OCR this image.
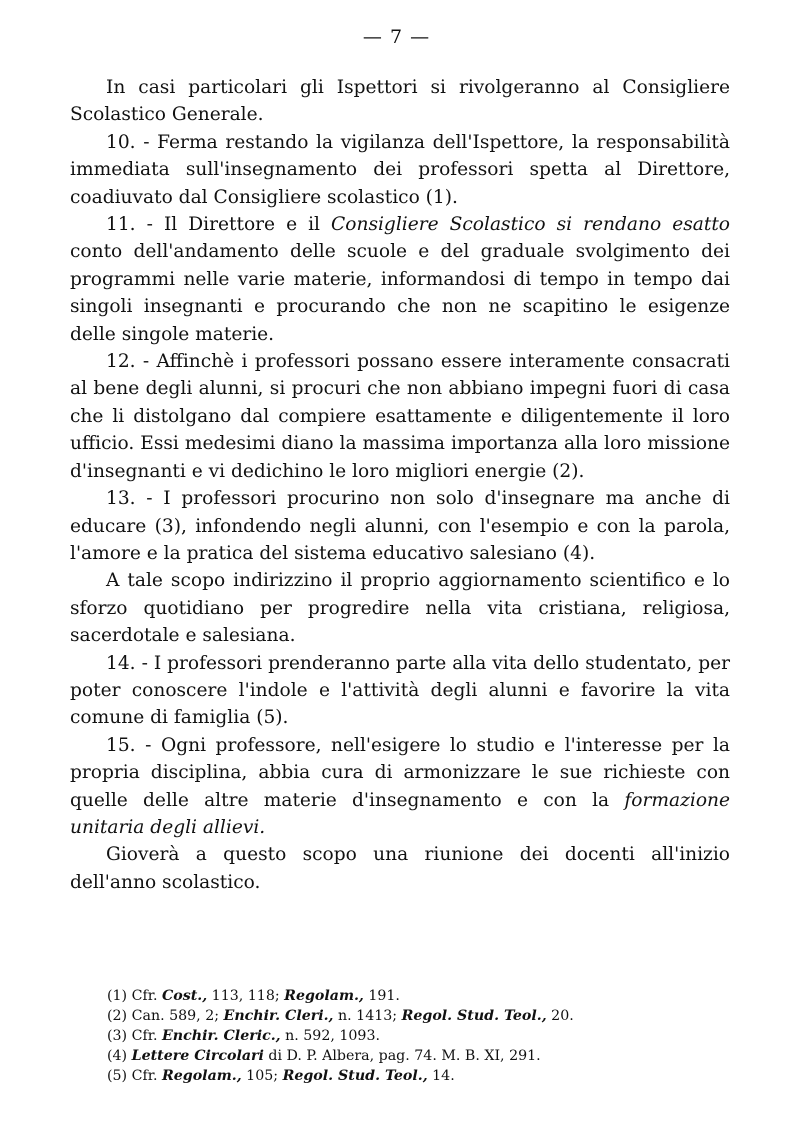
— 7 —

In casi particolari gli Ispettori si rivolgeranno al Consigliere Scolastico Generale.

10. - Ferma restando la vigilanza dell'Ispettore, la responsabilità immediata sull'insegnamento dei professori spetta al Direttore, coadiuvato dal Consigliere scolastico (1).

11. - Il Direttore e il Consigliere Scolastico si rendano esatto conto dell'andamento delle scuole e del graduale svolgimento dei programmi nelle varie materie, informandosi di tempo in tempo dai singoli insegnanti e procurando che non ne scapitino le esigenze delle singole materie.

12. - Affinchè i professori possano essere interamente consacrati al bene degli alunni, si procuri che non abbiano impegni fuori di casa che li distolgano dal compiere esattamente e diligentemente il loro ufficio. Essi medesimi diano la massima importanza alla loro missione d'insegnanti e vi dedichino le loro migliori energie (2).

13. - I professori procurino non solo d'insegnare ma anche di educare (3), infondendo negli alunni, con l'esempio e con la parola, l'amore e la pratica del sistema educativo salesiano (4).

A tale scopo indirizzino il proprio aggiornamento scientifico e lo sforzo quotidiano per progredire nella vita cristiana, religiosa, sacerdotale e salesiana.

14. - I professori prenderanno parte alla vita dello studentato, per poter conoscere l'indole e l'attività degli alunni e favorire la vita comune di famiglia (5).

15. - Ogni professore, nell'esigere lo studio e l'interesse per la propria disciplina, abbia cura di armonizzare le sue richieste con quelle delle altre materie d'insegnamento e con la formazione unitaria degli allievi.

Gioverà a questo scopo una riunione dei docenti all'inizio dell'anno scolastico.

(1) Cfr. Cost., 113, 118; Regolam., 191.

(2) Can. 589, 2; Enchir. Cleri., n. 1413; Regol. Stud. Teol., 20.

(3) Cfr. Enchir. Cleric., n. 592, 1093.

(4) Lettere Circolari di D. P. Albera, pag. 74. M. B. XI, 291.

(5) Cfr. Regolam., 105; Regol. Stud. Teol., 14.
